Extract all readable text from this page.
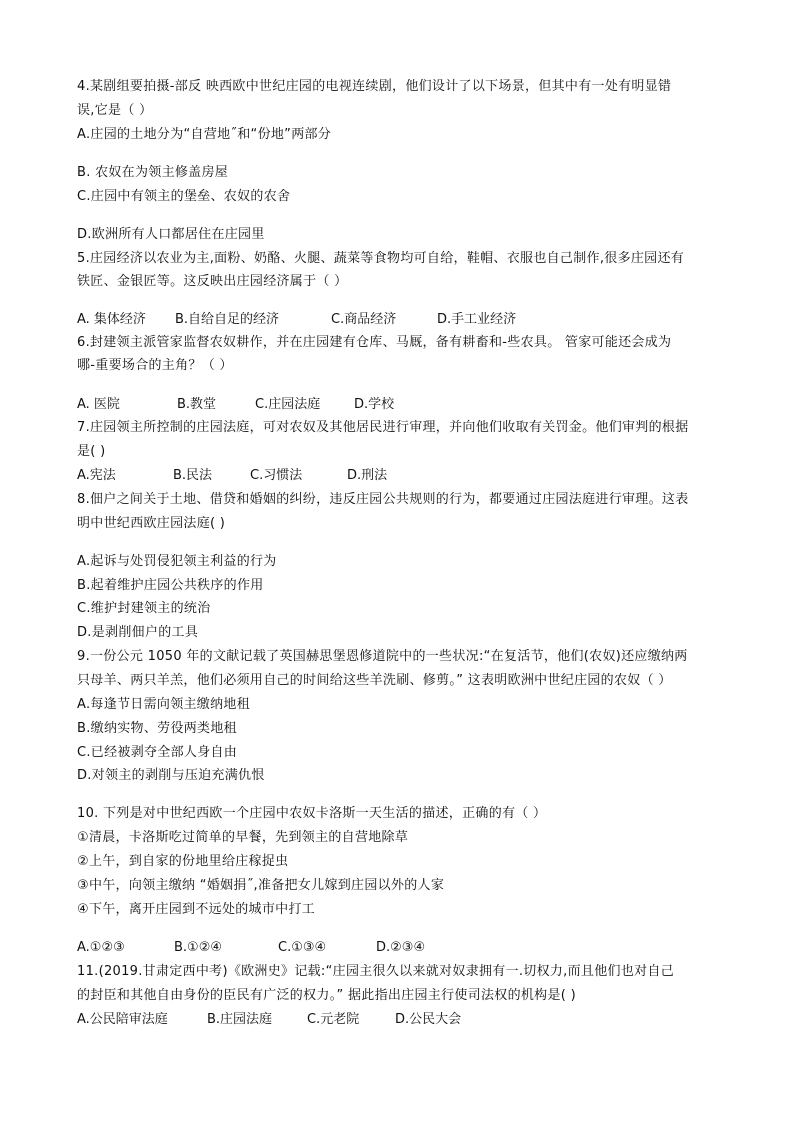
4.某剧组要拍摄-部反 映西欧中世纪庄园的电视连续剧，他们设计了以下场景，但其中有一处有明显错
误,它是（ ）
A.庄园的土地分为“自营地˝和“份地”两部分
B. 农奴在为领主修盖房屋
C.庄园中有领主的堡垒、农奴的农舍
D.欧洲所有人口都居住在庄园里
5.庄园经济以农业为主,面粉、奶酪、火腿、蔬菜等食物均可自给，鞋帽、衣服也自己制作,很多庄园还有
铁匠、金银匠等。这反映出庄园经济属于（ ）
A. 集体经济 B.自给自足的经济	C.商品经济	D.手工业经济
6.封建领主派管家监督农奴耕作，并在庄园建有仓库、马厩，备有耕畜和-些农具。 管家可能还会成为
哪-重要场合的主角？（ ）
A. 医院	B.教堂	C.庄园法庭	D.学校
7.庄园领主所控制的庄园法庭，可对农奴及其他居民进行审理，并向他们收取有关罚金。他们审判的根据
是( )
A.宪法	B.民法	C.习惯法	D.刑法
8.佃户之间关于土地、借贷和婚姻的纠纷，违反庄园公共规则的行为，都要通过庄园法庭进行审理。这表
明中世纪西欧庄园法庭( )
A.起诉与处罚侵犯领主利益的行为
B.起着维护庄园公共秩序的作用
C.维护封建领主的统治
D.是剥削佃户的工具
9.一份公元 1050 年的文献记载了英国赫思堡恩修道院中的一些状况:“在复活节，他们(农奴)还应缴纳两
只母羊、两只羊羔，他们必须用自己的时间给这些羊洗刷、修剪。” 这表明欧洲中世纪庄园的农奴（ ）
A.每逢节日需向领主缴纳地租
B.缴纳实物、劳役两类地租
C.已经被剥夺全部人身自由
D.对领主的剥削与压迫充满仇恨
10. 下列是对中世纪西欧一个庄园中农奴卡洛斯一天生活的描述，正确的有（ ）
①清晨，卡洛斯吃过简单的早餐，先到领主的自营地除草
②上午，到自家的份地里给庄稼捉虫
③中午，向领主缴纳 “婚姻捐˝,准备把女儿嫁到庄园以外的人家
④下午，离开庄园到不远处的城市中打工
A.①②③	B.①②④	C.①③④	D.②③④
11.(2019.甘肃定西中考)《欧洲史》记载:“庄园主很久以来就对奴隶拥有一.切权力,而且他们也对自己
的封臣和其他自由身份的臣民有广泛的权力。” 据此指出庄园主行使司法权的机构是( )
A.公民陪审法庭	B.庄园法庭	C.元老院	D.公民大会
